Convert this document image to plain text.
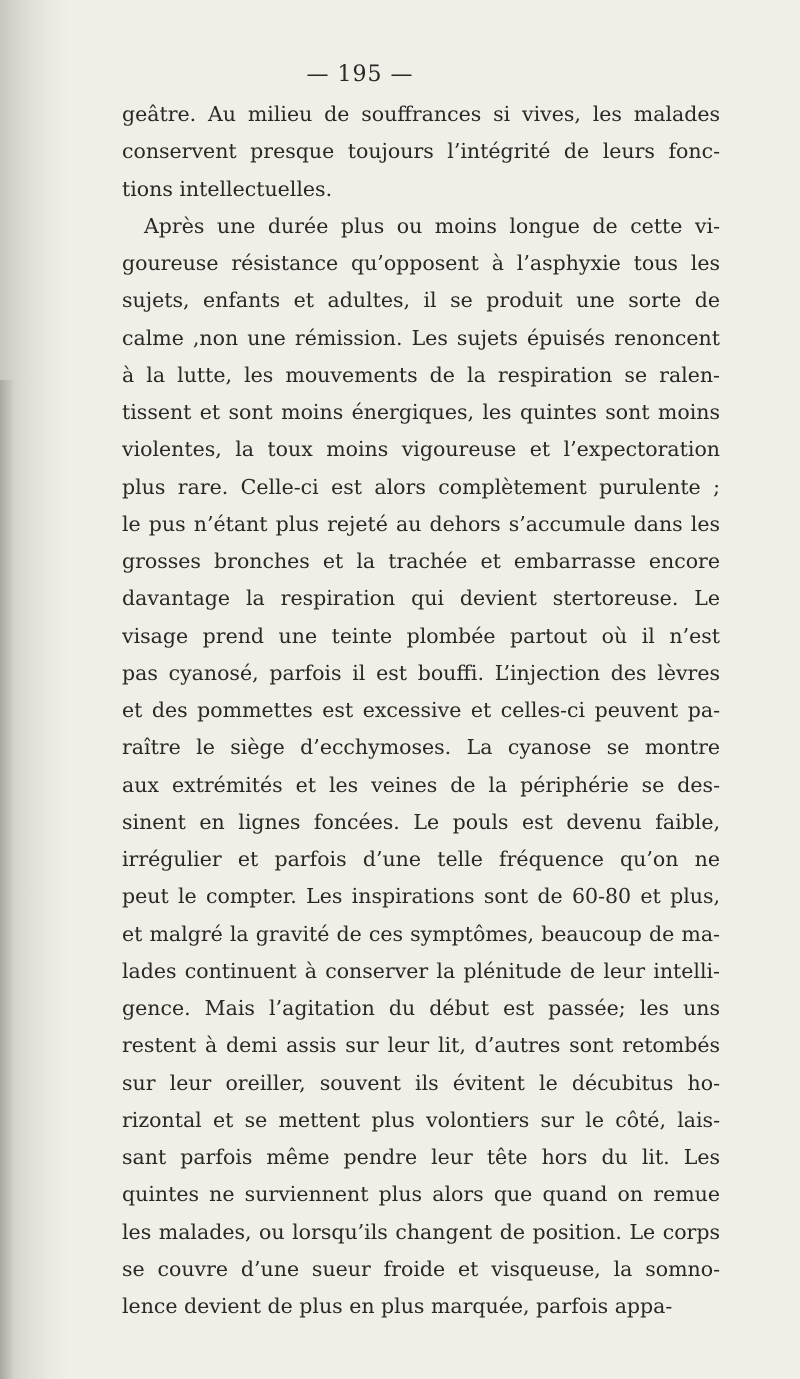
— 195 —
geâtre. Au milieu de souffrances si vives, les malades
conservent presque toujours l’intégrité de leurs fonc-
tions intellectuelles.
Après une durée plus ou moins longue de cette vi-
goureuse résistance qu’opposent à l’asphyxie tous les
sujets, enfants et adultes, il se produit une sorte de
calme ,non une rémission. Les sujets épuisés renoncent
à la lutte, les mouvements de la respiration se ralen-
tissent et sont moins énergiques, les quintes sont moins
violentes, la toux moins vigoureuse et l’expectoration
plus rare. Celle-ci est alors complètement purulente ;
le pus n’étant plus rejeté au dehors s’accumule dans les
grosses bronches et la trachée et embarrasse encore
davantage la respiration qui devient stertoreuse. Le
visage prend une teinte plombée partout où il n’est
pas cyanosé, parfois il est bouffi. L’injection des lèvres
et des pommettes est excessive et celles-ci peuvent pa-
raître le siège d’ecchymoses. La cyanose se montre
aux extrémités et les veines de la périphérie se des-
sinent en lignes foncées. Le pouls est devenu faible,
irrégulier et parfois d’une telle fréquence qu’on ne
peut le compter. Les inspirations sont de 60-80 et plus,
et malgré la gravité de ces symptômes, beaucoup de ma-
lades continuent à conserver la plénitude de leur intelli-
gence. Mais l’agitation du début est passée; les uns
restent à demi assis sur leur lit, d’autres sont retombés
sur leur oreiller, souvent ils évitent le décubitus ho-
rizontal et se mettent plus volontiers sur le côté, lais-
sant parfois même pendre leur tête hors du lit. Les
quintes ne surviennent plus alors que quand on remue
les malades, ou lorsqu’ils changent de position. Le corps
se couvre d’une sueur froide et visqueuse, la somno-
lence devient de plus en plus marquée, parfois appa-
